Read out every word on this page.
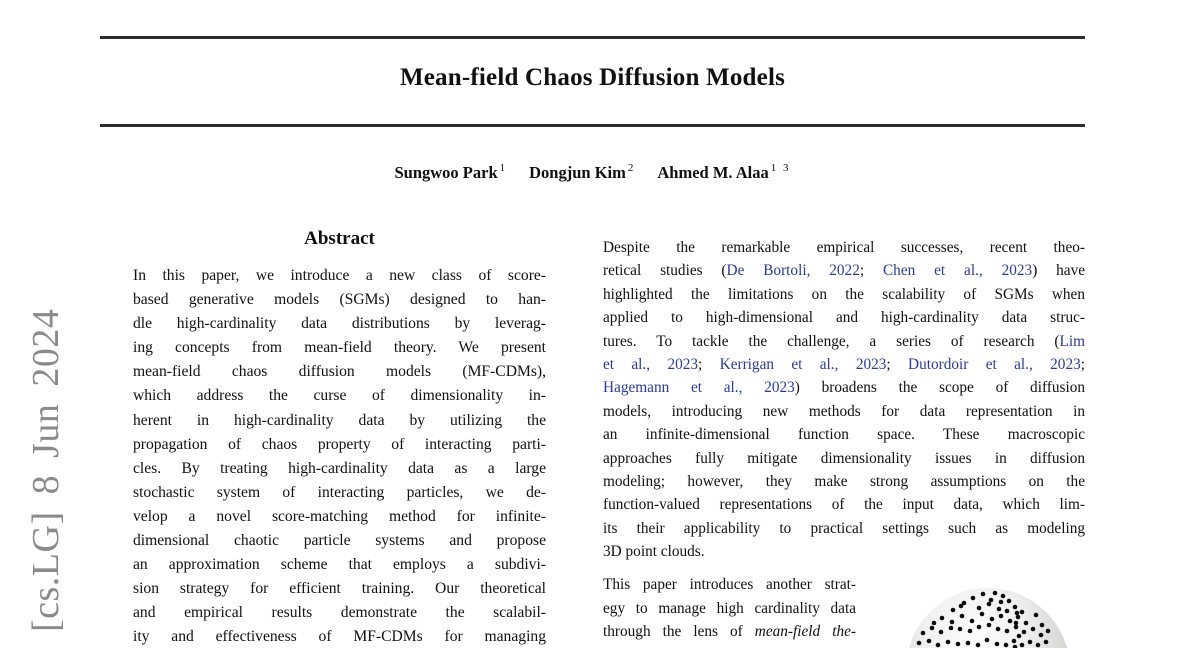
[cs.LG] 8 Jun 2024
Mean-field Chaos Diffusion Models
Sungwoo Park $^1$ Dongjun Kim $^2$ Ahmed M. Alaa $^{1 3}$
Abstract
In this paper, we introduce a new class of score-
based generative models (SGMs) designed to han-
dle high-cardinality data distributions by leverag-
ing concepts from mean-field theory. We present
mean-field chaos diffusion models (MF-CDMs),
which address the curse of dimensionality in-
herent in high-cardinality data by utilizing the
propagation of chaos property of interacting parti-
cles. By treating high-cardinality data as a large
stochastic system of interacting particles, we de-
velop a novel score-matching method for infinite-
dimensional chaotic particle systems and propose
an approximation scheme that employs a subdivi-
sion strategy for efficient training. Our theoretical
and empirical results demonstrate the scalabil-
ity and effectiveness of MF-CDMs for managing
Despite the remarkable empirical successes, recent theo-
retical studies (De Bortoli, 2022; Chen et al., 2023) have
highlighted the limitations on the scalability of SGMs when
applied to high-dimensional and high-cardinality data struc-
tures. To tackle the challenge, a series of research (Lim
et al., 2023; Kerrigan et al., 2023; Dutordoir et al., 2023;
Hagemann et al., 2023) broadens the scope of diffusion
models, introducing new methods for data representation in
an infinite-dimensional function space. These macroscopic
approaches fully mitigate dimensionality issues in diffusion
modeling; however, they make strong assumptions on the
function-valued representations of the input data, which lim-
its their applicability to practical settings such as modeling
3D point clouds.
This paper introduces another strat-
egy to manage high cardinality data
through the lens of mean-field the-
